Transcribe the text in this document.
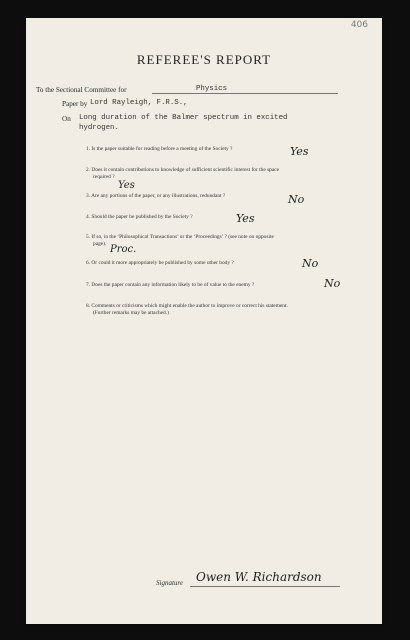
406
REFEREE'S REPORT
To the Sectional Committee for	Physics
Paper by Lord Rayleigh, F.R.S.,
On Long duration of the Balmer spectrum in excited
hydrogen.
1. Is the paper suitable for reading before a meeting of the Society ?	Yes
2. Does it contain contributions to knowledge of sufficient scientific interest for the space
required ?
Yes
3. Are any portions of the paper, or any illustrations, redundant ?	No
4. Should the paper be published by the Society ?	Yes
5. If so, in the ‘Philosophical Transactions’ or the ‘Proceedings’ ? (see note on opposite
page). Proc.
6. Or could it more appropriately be published by some other body ?	No
7. Does the paper contain any information likely to be of value to the enemy ?	No
8. Comments or criticisms which might enable the author to improve or correct his statement.
(Further remarks may be attached.)
Signature Owen W. Richardson
